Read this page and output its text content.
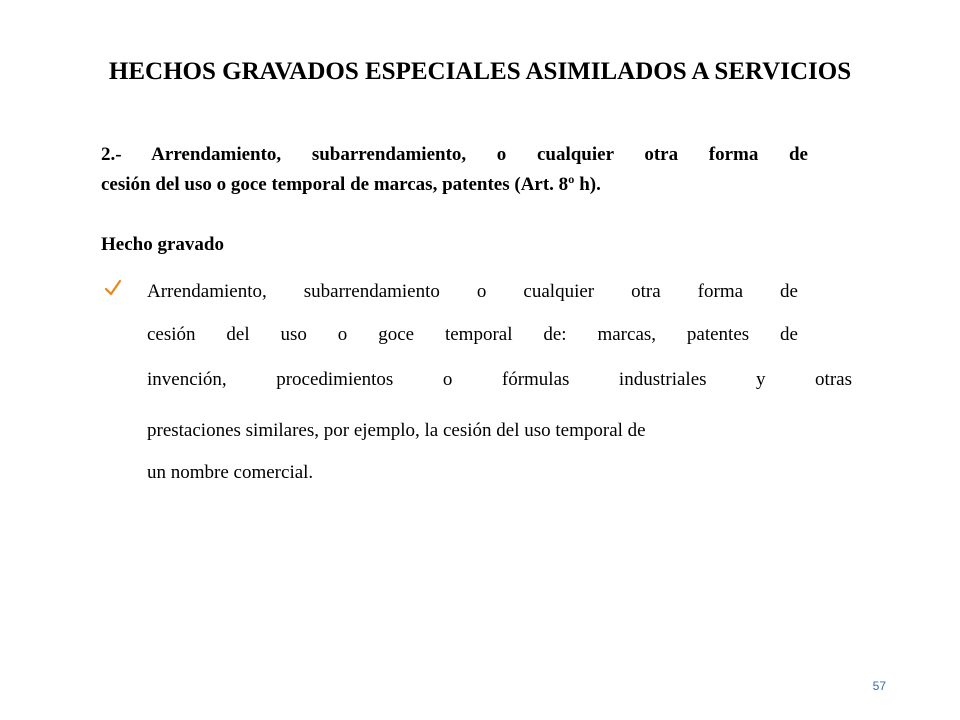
HECHOS GRAVADOS ESPECIALES ASIMILADOS A SERVICIOS
2.- Arrendamiento, subarrendamiento, o cualquier otra forma de
cesión del uso o goce temporal de marcas, patentes (Art. 8º h).
Hecho gravado
Arrendamiento, subarrendamiento o cualquier otra forma de
cesión del uso o goce temporal de: marcas, patentes de
invención, procedimientos o fórmulas industriales y otras
prestaciones similares, por ejemplo, la cesión del uso temporal de
un nombre comercial.
57
